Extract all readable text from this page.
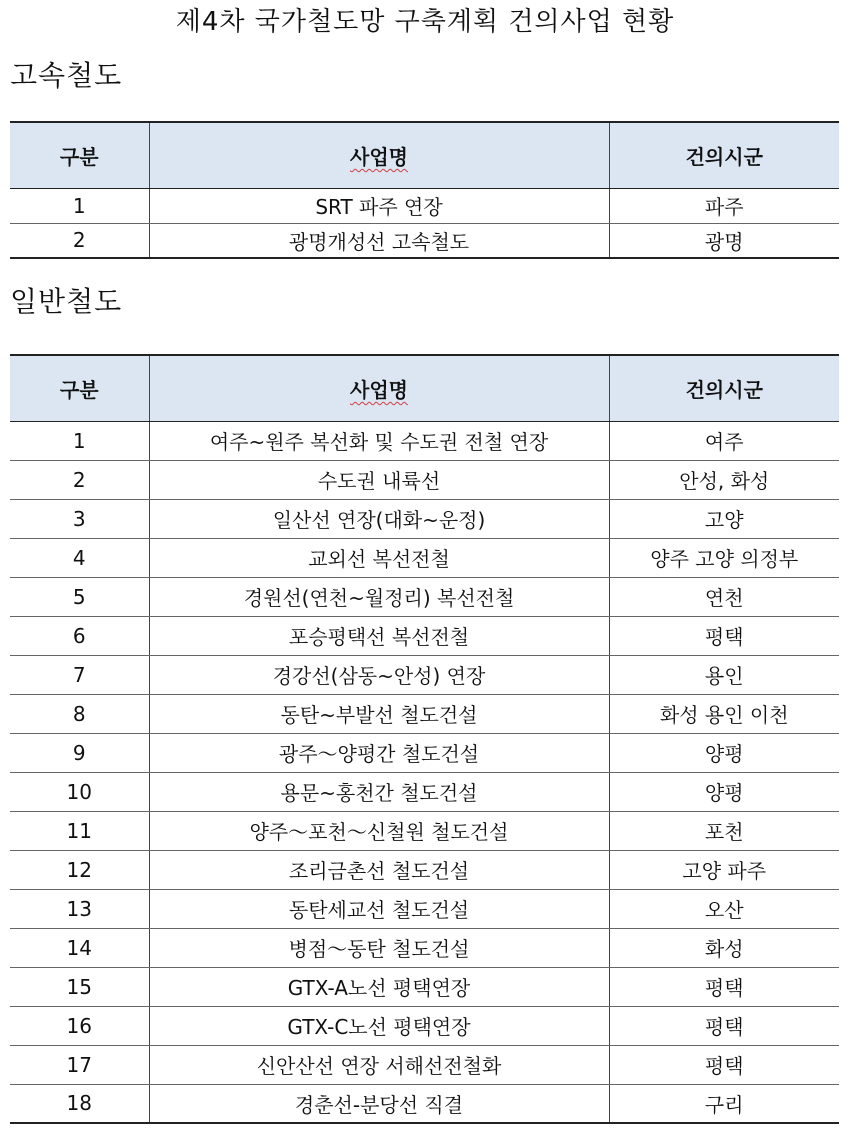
제4차 국가철도망 구축계획 건의사업 현황
고속철도
구분	사업명	건의시군
1	SRT 파주 연장	파주
2	광명개성선 고속철도	광명
일반철도
구분	사업명	건의시군
1	여주~원주 복선화 및 수도권 전철 연장	여주
2	수도권 내륙선	안성, 화성
3	일산선 연장(대화~운정)	고양
4	교외선 복선전철	양주 고양 의정부
5	경원선(연천~월정리) 복선전철	연천
6	포승평택선 복선전철	평택
7	경강선(삼동~안성) 연장	용인
8	동탄~부발선 철도건설	화성 용인 이천
9	광주～양평간 철도건설	양평
10	용문~홍천간 철도건설	양평
11	양주～포천～신철원 철도건설	포천
12	조리금촌선 철도건설	고양 파주
13	동탄세교선 철도건설	오산
14	병점～동탄 철도건설	화성
15	GTX-A노선 평택연장	평택
16	GTX-C노선 평택연장	평택
17	신안산선 연장 서해선전철화	평택
18	경춘선-분당선 직결	구리
